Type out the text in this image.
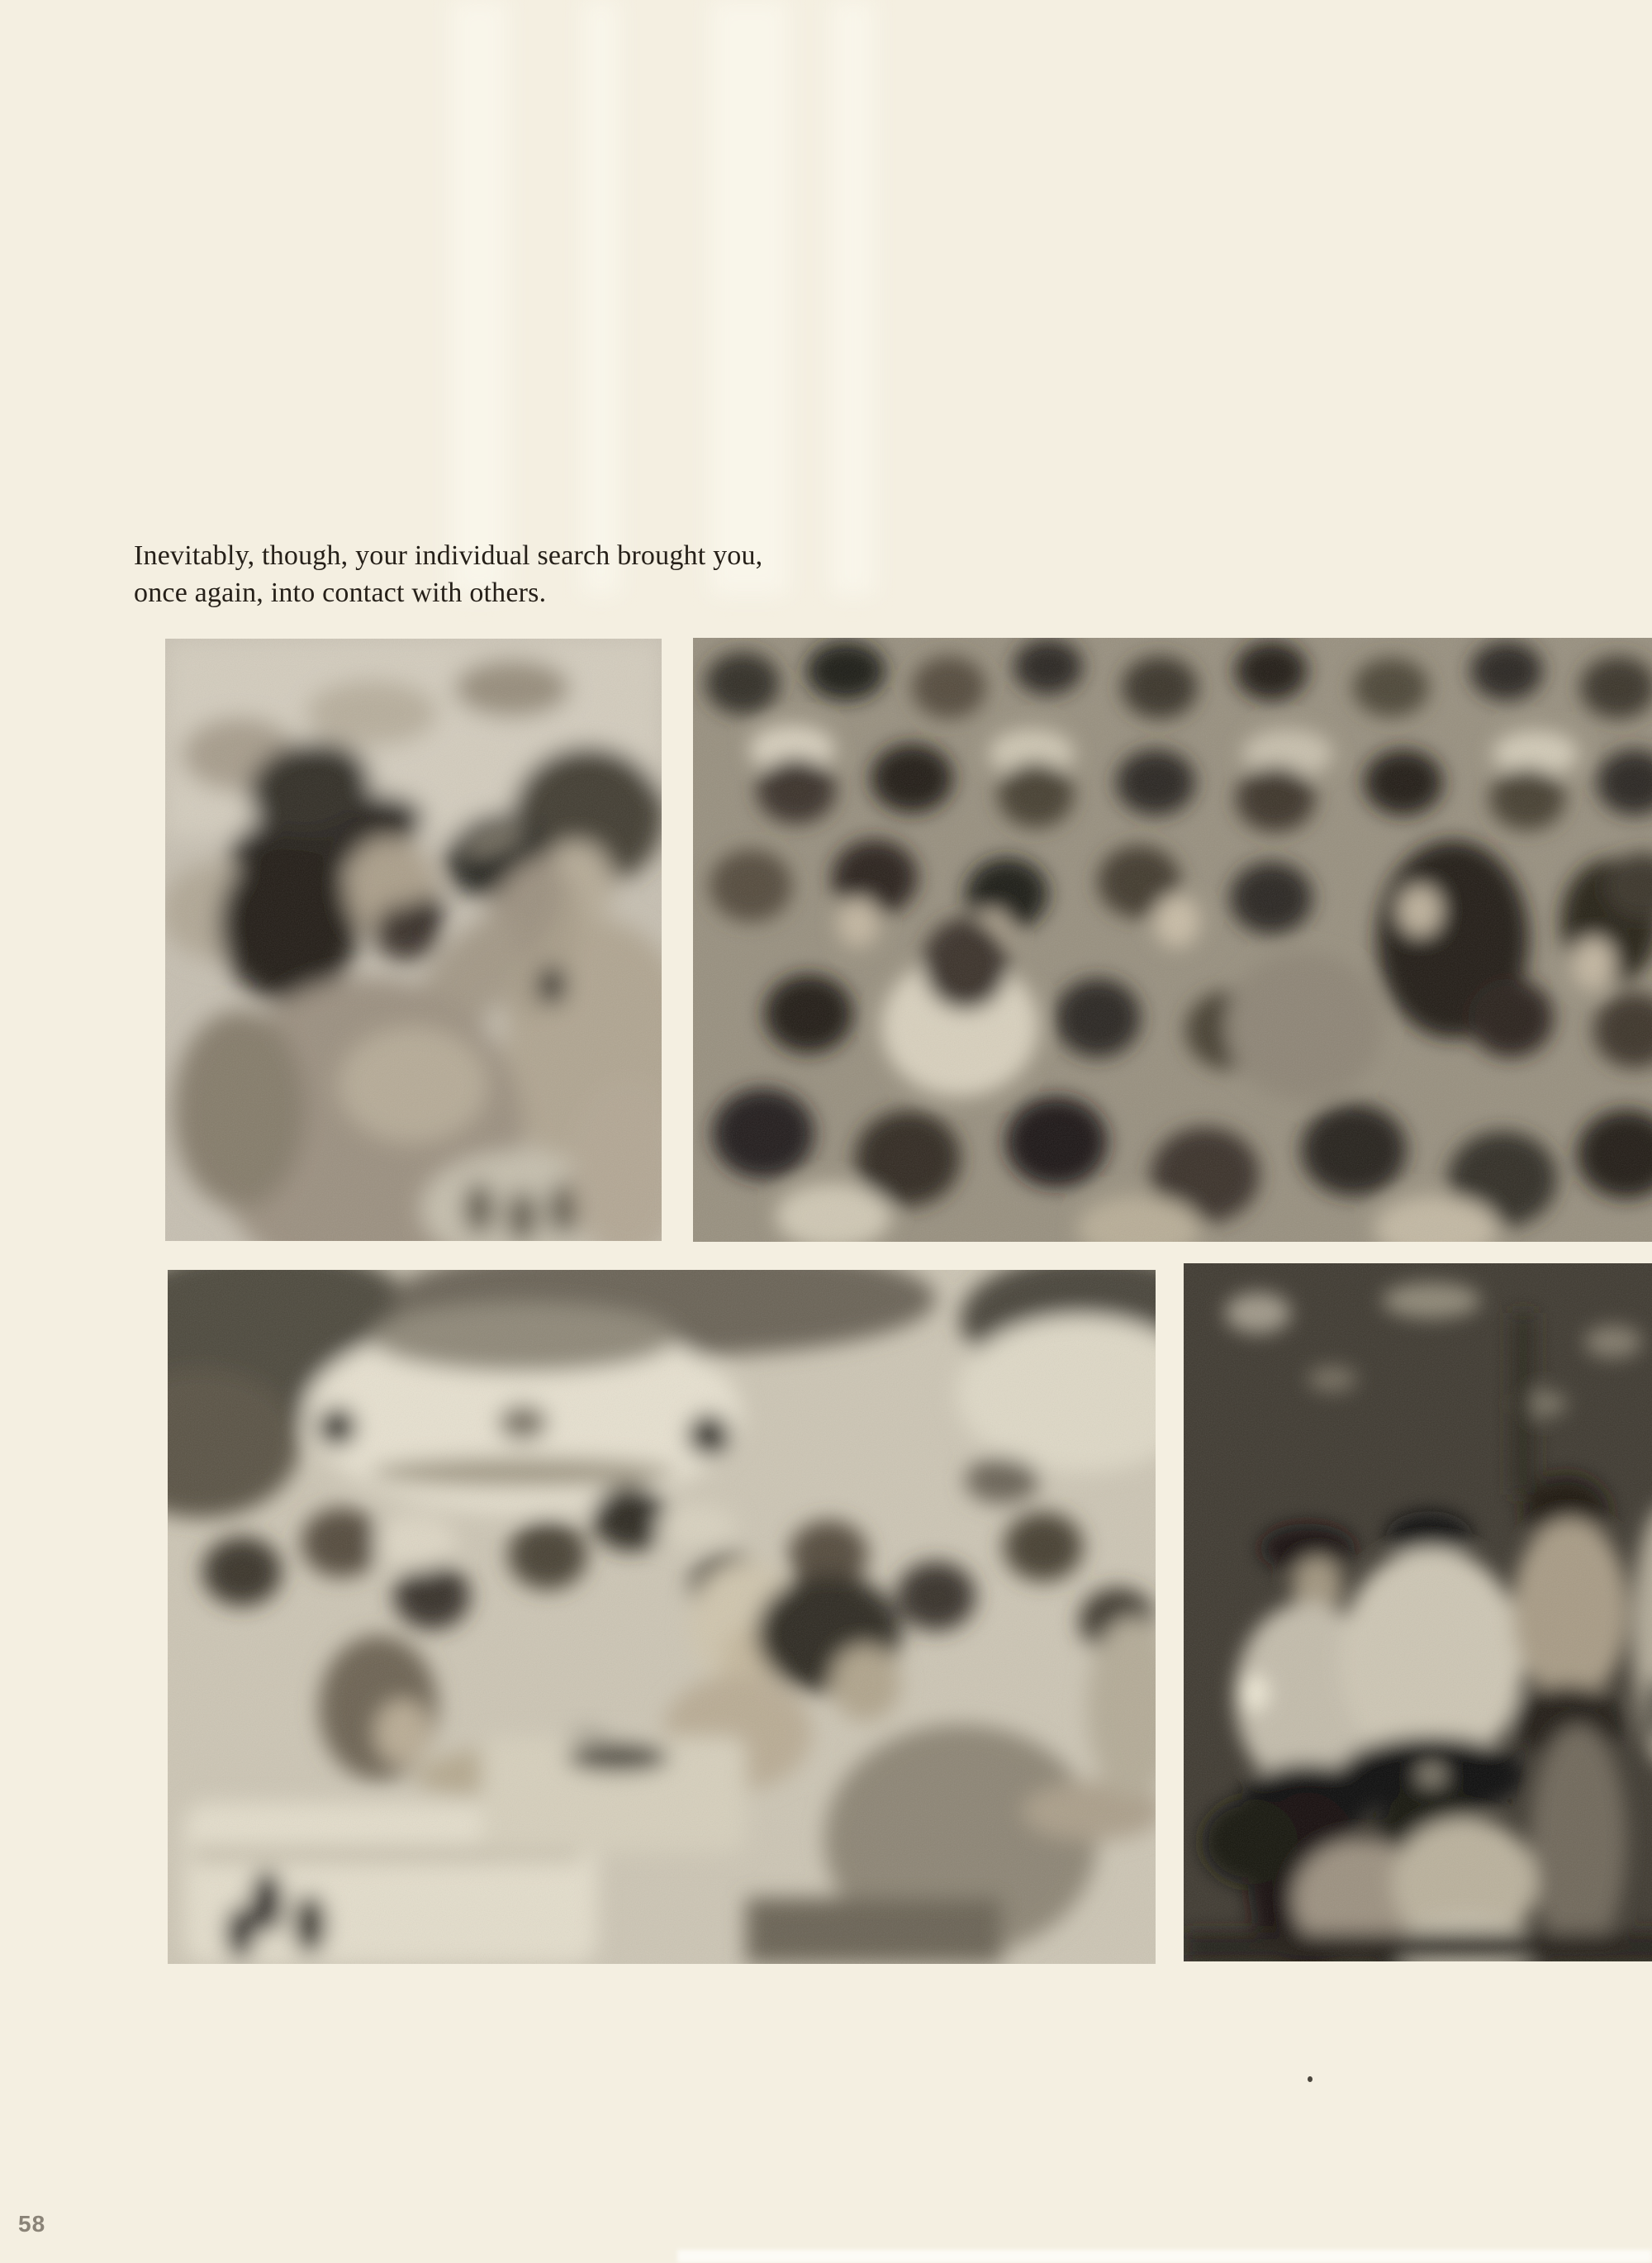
Inevitably, though, your individual search brought you,
once again, into contact with others.
58
